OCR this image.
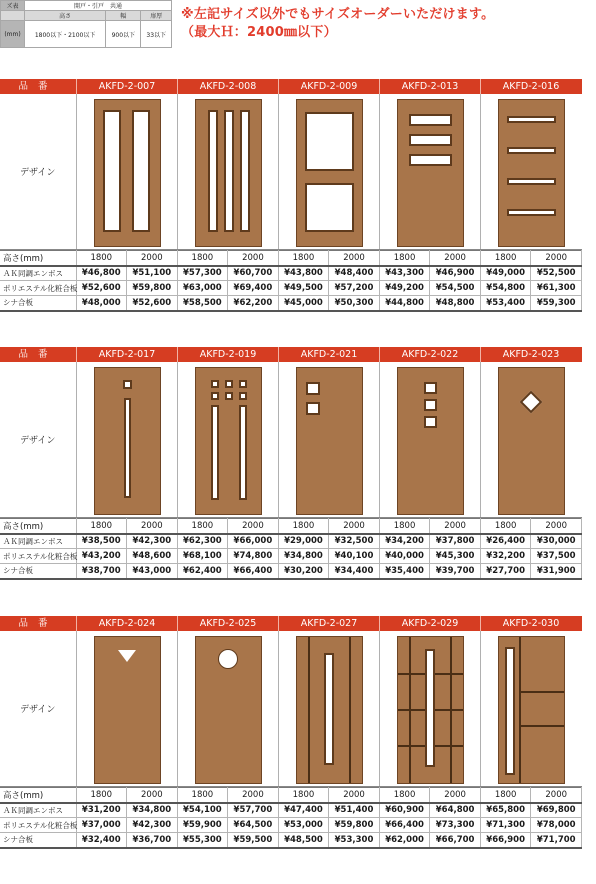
ズ表	開戸・引戸　共通		
	高さ	幅	扉厚
(mm)	1800以下・2100以下	900以下	33以下
※左記サイズ以外でもサイズオーダーいただけます。
（最大Ｈ：2400㎜以下）
品番	AKFD-2-007	AKFD-2-008	AKFD-2-009	AKFD-2-013	AKFD-2-016
デザイン
高さ(mm)	1800	2000	1800	2000	1800	2000	1800	2000	1800	2000
ＡＫ同調エンボス	¥46,800	¥51,100	¥57,300	¥60,700	¥43,800	¥48,400	¥43,300	¥46,900	¥49,000	¥52,500
ポリエステル化粧合板	¥52,600	¥59,800	¥63,000	¥69,400	¥49,500	¥57,200	¥49,200	¥54,500	¥54,800	¥61,300
シナ合板	¥48,000	¥52,600	¥58,500	¥62,200	¥45,000	¥50,300	¥44,800	¥48,800	¥53,400	¥59,300
品番	AKFD-2-017	AKFD-2-019	AKFD-2-021	AKFD-2-022	AKFD-2-023
デザイン
高さ(mm)	1800	2000	1800	2000	1800	2000	1800	2000	1800	2000
ＡＫ同調エンボス	¥38,500	¥42,300	¥62,300	¥66,000	¥29,000	¥32,500	¥34,200	¥37,800	¥26,400	¥30,000
ポリエステル化粧合板	¥43,200	¥48,600	¥68,100	¥74,800	¥34,800	¥40,100	¥40,000	¥45,300	¥32,200	¥37,500
シナ合板	¥38,700	¥43,000	¥62,400	¥66,400	¥30,200	¥34,400	¥35,400	¥39,700	¥27,700	¥31,900
品番	AKFD-2-024	AKFD-2-025	AKFD-2-027	AKFD-2-029	AKFD-2-030
デザイン
高さ(mm)	1800	2000	1800	2000	1800	2000	1800	2000	1800	2000
ＡＫ同調エンボス	¥31,200	¥34,800	¥54,100	¥57,700	¥47,400	¥51,400	¥60,900	¥64,800	¥65,800	¥69,800
ポリエステル化粧合板	¥37,000	¥42,300	¥59,900	¥64,500	¥53,000	¥59,800	¥66,400	¥73,300	¥71,300	¥78,000
シナ合板	¥32,400	¥36,700	¥55,300	¥59,500	¥48,500	¥53,300	¥62,000	¥66,700	¥66,900	¥71,700
